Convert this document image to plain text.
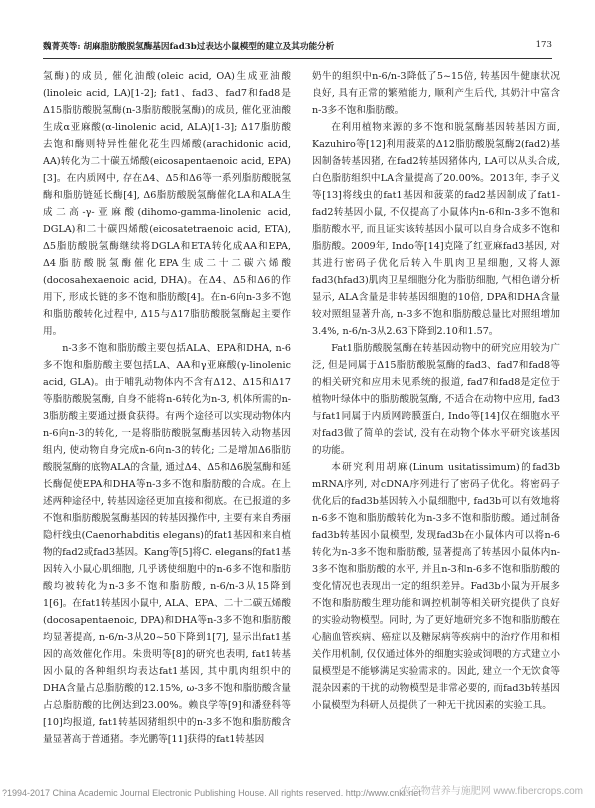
魏菁英等: 胡麻脂肪酸脱氢酶基因fad3b过表达小鼠模型的建立及其功能分析	173

氢酶)的成员, 催化油酸(oleic acid, OA)生成亚油酸(linoleic acid, LA)[1-2]; fat1、fad3、fad7和fad8是Δ15脂肪酸脱氢酶(n-3脂肪酸脱氢酶)的成员, 催化亚油酸生成α亚麻酸(α-linolenic acid, ALA)[1-3]; Δ17脂肪酸去饱和酶则特异性催化花生四烯酸(arachidonic acid, AA)转化为二十碳五烯酸(eicosapentaenoic acid, EPA)[3]。在内质网中, 存在Δ4、Δ5和Δ6等一系列脂肪酸脱氢酶和脂肪链延长酶[4], Δ6脂肪酸脱氢酶催化LA和ALA生成二高-γ-亚麻酸(dihomo-gamma-linolenic acid, DGLA)和二十碳四烯酸(eicosatetraenoic acid, ETA), Δ5脂肪酸脱氢酶继续将DGLA和ETA转化成AA和EPA, Δ4脂肪酸脱氢酶催化EPA生成二十二碳六烯酸(docosahexaenoic acid, DHA)。在Δ4、Δ5和Δ6的作用下, 形成长链的多不饱和脂肪酸[4]。在n-6向n-3多不饱和脂肪酸转化过程中, Δ15与Δ17脂肪酸脱氢酶起主要作用。

n-3多不饱和脂肪酸主要包括ALA、EPA和DHA, n-6多不饱和脂肪酸主要包括LA、AA和γ亚麻酸(γ-linolenic acid, GLA)。由于哺乳动物体内不含有Δ12、Δ15和Δ17等脂肪酸脱氢酶, 自身不能将n-6转化为n-3, 机体所需的n-3脂肪酸主要通过摄食获得。有两个途径可以实现动物体内n-6向n-3的转化, 一是将脂肪酸脱氢酶基因转入动物基因组内, 使动物自身完成n-6向n-3的转化; 二是增加Δ6脂肪酸脱氢酶的底物ALA的含量, 通过Δ4、Δ5和Δ6脱氢酶和延长酶促使EPA和DHA等n-3多不饱和脂肪酸的合成。在上述两种途径中, 转基因途径更加直接和彻底。在已报道的多不饱和脂肪酸脱氢酶基因的转基因操作中, 主要有来自秀丽隐杆线虫(Caenorhabditis elegans)的fat1基因和来自植物的fad2或fad3基因。Kang等[5]将C. elegans的fat1基因转入小鼠心肌细胞, 几乎诱使细胞中的n-6多不饱和脂肪酸均被转化为n-3多不饱和脂肪酸, n-6/n-3从15降到1[6]。在fat1转基因小鼠中, ALA、EPA、二十二碳五烯酸(docosapentaenoic, DPA)和DHA等n-3多不饱和脂肪酸均显著提高, n-6/n-3从20~50下降到1[7], 显示出fat1基因的高效催化作用。朱贵明等[8]的研究也表明, fat1转基因小鼠的各种组织均表达fat1基因, 其中肌肉组织中的DHA含量占总脂肪酸的12.15%, ω-3多不饱和脂肪酸含量占总脂肪酸的比例达到23.00%。赖良学等[9]和潘登科等[10]均报道, fat1转基因猪组织中的n-3多不饱和脂肪酸含量显著高于普通猪。李光鹏等[11]获得的fat1转基因

奶牛的组织中n-6/n-3降低了5~15倍, 转基因牛健康状况良好, 具有正常的繁殖能力, 顺利产生后代, 其奶汁中富含n-3多不饱和脂肪酸。

在利用植物来源的多不饱和脱氢酶基因转基因方面, Kazuhiro等[12]利用菠菜的Δ12脂肪酸脱氢酶2(fad2)基因制备转基因猪, 在fad2转基因猪体内, LA可以从头合成, 白色脂肪组织中LA含量提高了20.00%。2013年, 李子义等[13]将线虫的fat1基因和菠菜的fad2基因制成了fat1-fad2转基因小鼠, 不仅提高了小鼠体内n-6和n-3多不饱和脂肪酸水平, 而且证实该转基因小鼠可以自身合成多不饱和脂肪酸。2009年, Indo等[14]克隆了红亚麻fad3基因, 对其进行密码子优化后转入牛肌肉卫星细胞, 又将人源fad3(hfad3)肌肉卫星细胞分化为脂肪细胞, 气相色谱分析显示, ALA含量是非转基因细胞的10倍, DPA和DHA含量较对照组显著升高, n-3多不饱和脂肪酸总量比对照组增加3.4%, n-6/n-3从2.63下降到2.10和1.57。

Fat1脂肪酸脱氢酶在转基因动物中的研究应用较为广泛, 但是同属于Δ15脂肪酸脱氢酶的fad3、fad7和fad8等的相关研究和应用未见系统的报道, fad7和fad8是定位于植物叶绿体中的脂肪酸脱氢酶, 不适合在动物中应用, fad3与fat1同属于内质网跨膜蛋白, Indo等[14]仅在细胞水平对fad3做了简单的尝试, 没有在动物个体水平研究该基因的功能。

本研究利用胡麻(Linum usitatissimum)的fad3b mRNA序列, 对cDNA序列进行了密码子优化。将密码子优化后的fad3b基因转入小鼠细胞中, fad3b可以有效地将n-6多不饱和脂肪酸转化为n-3多不饱和脂肪酸。通过制备fad3b转基因小鼠模型, 发现fad3b在小鼠体内可以将n-6转化为n-3多不饱和脂肪酸, 显著提高了转基因小鼠体内n-3多不饱和脂肪酸的水平, 并且n-3和n-6多不饱和脂肪酸的变化情况也表现出一定的组织差异。Fad3b小鼠为开展多不饱和脂肪酸生理功能和调控机制等相关研究提供了良好的实验动物模型。同时, 为了更好地研究多不饱和脂肪酸在心脑血管疾病、癌症以及糖尿病等疾病中的治疗作用和相关作用机制, 仅仅通过体外的细胞实验或饲喂的方式建立小鼠模型是不能够满足实验需求的。因此, 建立一个无饮食等混杂因素的干扰的动物模型是非常必要的, 而fad3b转基因小鼠模型为科研人员提供了一种无干扰因素的实验工具。

?1994-2017 China Academic Journal Electronic Publishing House. All rights reserved. http://www.cnki.net
农产物营养与施肥网 www.fibercrops.com
